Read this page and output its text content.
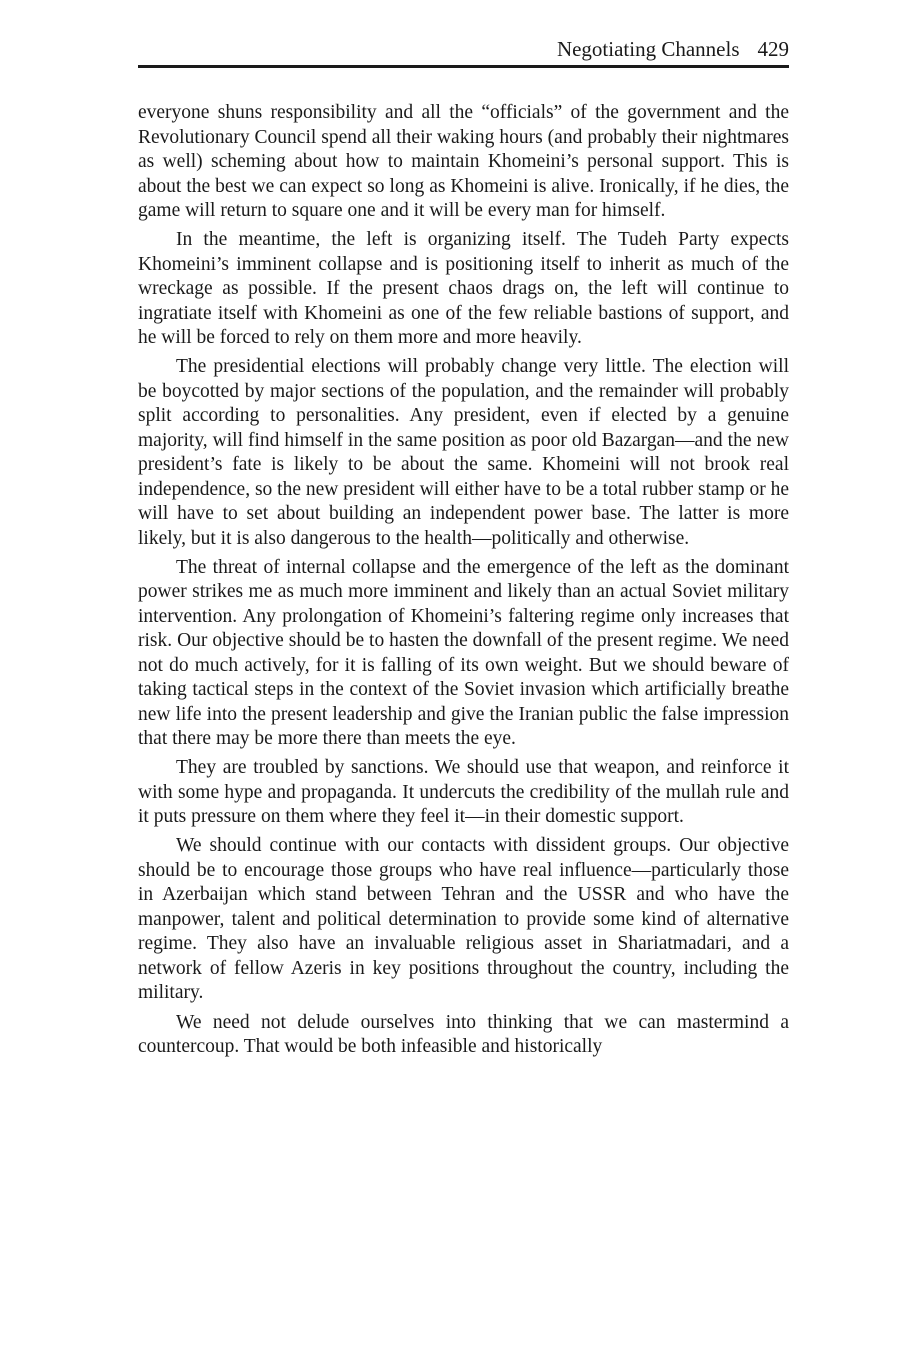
Negotiating Channels 429

everyone shuns responsibility and all the “officials” of the government and the Revolutionary Council spend all their waking hours (and probably their nightmares as well) scheming about how to maintain Khomeini’s personal support. This is about the best we can expect so long as Khomeini is alive. Ironically, if he dies, the game will return to square one and it will be every man for himself.

In the meantime, the left is organizing itself. The Tudeh Party expects Khomeini’s imminent collapse and is positioning itself to inherit as much of the wreckage as possible. If the present chaos drags on, the left will continue to ingratiate itself with Khomeini as one of the few reliable bastions of support, and he will be forced to rely on them more and more heavily.

The presidential elections will probably change very little. The election will be boycotted by major sections of the population, and the remainder will probably split according to personalities. Any president, even if elected by a genuine majority, will find himself in the same position as poor old Bazargan—and the new president’s fate is likely to be about the same. Khomeini will not brook real independence, so the new president will either have to be a total rubber stamp or he will have to set about building an independent power base. The latter is more likely, but it is also dangerous to the health—politically and otherwise.

The threat of internal collapse and the emergence of the left as the dominant power strikes me as much more imminent and likely than an actual Soviet military intervention. Any prolongation of Khomeini’s faltering regime only increases that risk. Our objective should be to hasten the downfall of the present regime. We need not do much actively, for it is falling of its own weight. But we should beware of taking tactical steps in the context of the Soviet invasion which artificially breathe new life into the present leadership and give the Iranian public the false impression that there may be more there than meets the eye.

They are troubled by sanctions. We should use that weapon, and reinforce it with some hype and propaganda. It undercuts the credibility of the mullah rule and it puts pressure on them where they feel it—in their domestic support.

We should continue with our contacts with dissident groups. Our objective should be to encourage those groups who have real influence—particularly those in Azerbaijan which stand between Tehran and the USSR and who have the manpower, talent and political determination to provide some kind of alternative regime. They also have an invaluable religious asset in Shariatmadari, and a network of fellow Azeris in key positions throughout the country, including the military.

We need not delude ourselves into thinking that we can mastermind a countercoup. That would be both infeasible and historically
